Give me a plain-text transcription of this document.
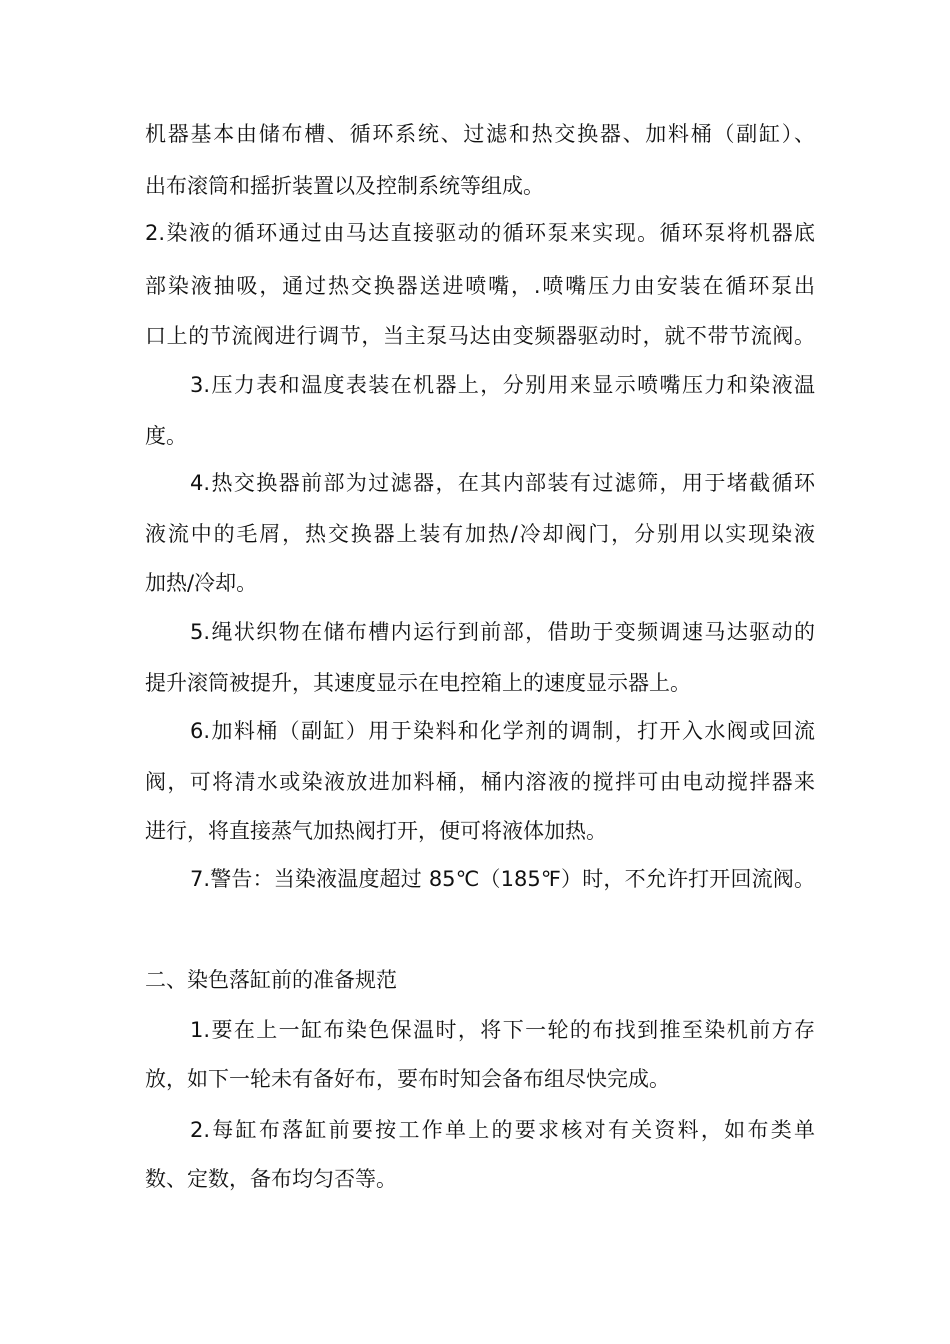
机器基本由储布槽、循环系统、过滤和热交换器、加料桶（副缸）、
出布滚筒和摇折装置以及控制系统等组成。
2.染液的循环通过由马达直接驱动的循环泵来实现。循环泵将机器底
部染液抽吸，通过热交换器送进喷嘴，.喷嘴压力由安装在循环泵出
口上的节流阀进行调节，当主泵马达由变频器驱动时，就不带节流阀。
3.压力表和温度表装在机器上，分别用来显示喷嘴压力和染液温
度。
4.热交换器前部为过滤器，在其内部装有过滤筛，用于堵截循环
液流中的毛屑，热交换器上装有加热/冷却阀门，分别用以实现染液
加热/冷却。
5.绳状织物在储布槽内运行到前部，借助于变频调速马达驱动的
提升滚筒被提升，其速度显示在电控箱上的速度显示器上。
6.加料桶（副缸）用于染料和化学剂的调制，打开入水阀或回流
阀，可将清水或染液放进加料桶，桶内溶液的搅拌可由电动搅拌器来
进行，将直接蒸气加热阀打开，便可将液体加热。
7.警告：当染液温度超过 85℃（185℉）时，不允许打开回流阀。
二、染色落缸前的准备规范
1.要在上一缸布染色保温时，将下一轮的布找到推至染机前方存
放，如下一轮未有备好布，要布时知会备布组尽快完成。
2.每缸布落缸前要按工作单上的要求核对有关资料，如布类单
数、定数，备布均匀否等。
